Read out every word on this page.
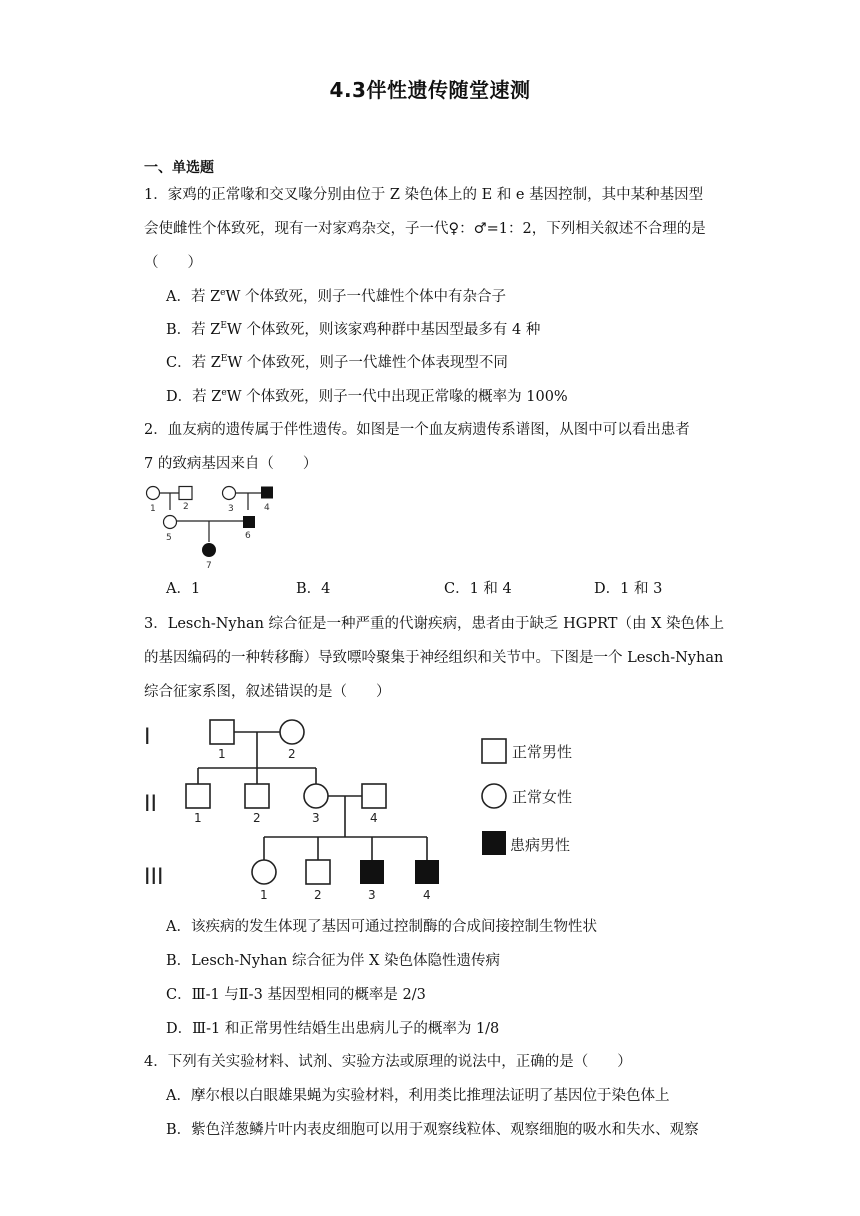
4.3伴性遗传随堂速测
一、单选题
1．家鸡的正常喙和交叉喙分别由位于 Z 染色体上的 E 和 e 基因控制，其中某种基因型
会使雌性个体致死，现有一对家鸡杂交，子一代♀：♂=1：2，下列相关叙述不合理的是
（　　）
A．若 $Z^eW$ 个体致死，则子一代雄性个体中有杂合子
B．若 $Z^EW$ 个体致死，则该家鸡种群中基因型最多有 4 种
C．若 $Z^EW$ 个体致死，则子一代雄性个体表现型不同
D．若 $Z^eW$ 个体致死，则子一代中出现正常喙的概率为 100%
2．血友病的遗传属于伴性遗传。如图是一个血友病遗传系谱图，从图中可以看出患者
7 的致病基因来自（　　）
1	2	3	4
5	6
7
A．1	B．4	C．1 和 4	D．1 和 3
3．Lesch-Nyhan 综合征是一种严重的代谢疾病，患者由于缺乏 HGPRT（由 X 染色体上
的基因编码的一种转移酶）导致嘌呤聚集于神经组织和关节中。下图是一个 Lesch-Nyhan
综合征家系图，叙述错误的是（　　）
I
II
III
1	2
1	2	3	4
1	2	3	4
正常男性
正常女性
患病男性
A．该疾病的发生体现了基因可通过控制酶的合成间接控制生物性状
B．Lesch-Nyhan 综合征为伴 X 染色体隐性遗传病
C．Ⅲ-1 与Ⅱ-3 基因型相同的概率是 2/3
D．Ⅲ-1 和正常男性结婚生出患病儿子的概率为 1/8
4．下列有关实验材料、试剂、实验方法或原理的说法中，正确的是（　　）
A．摩尔根以白眼雄果蝇为实验材料，利用类比推理法证明了基因位于染色体上
B．紫色洋葱鳞片叶内表皮细胞可以用于观察线粒体、观察细胞的吸水和失水、观察
